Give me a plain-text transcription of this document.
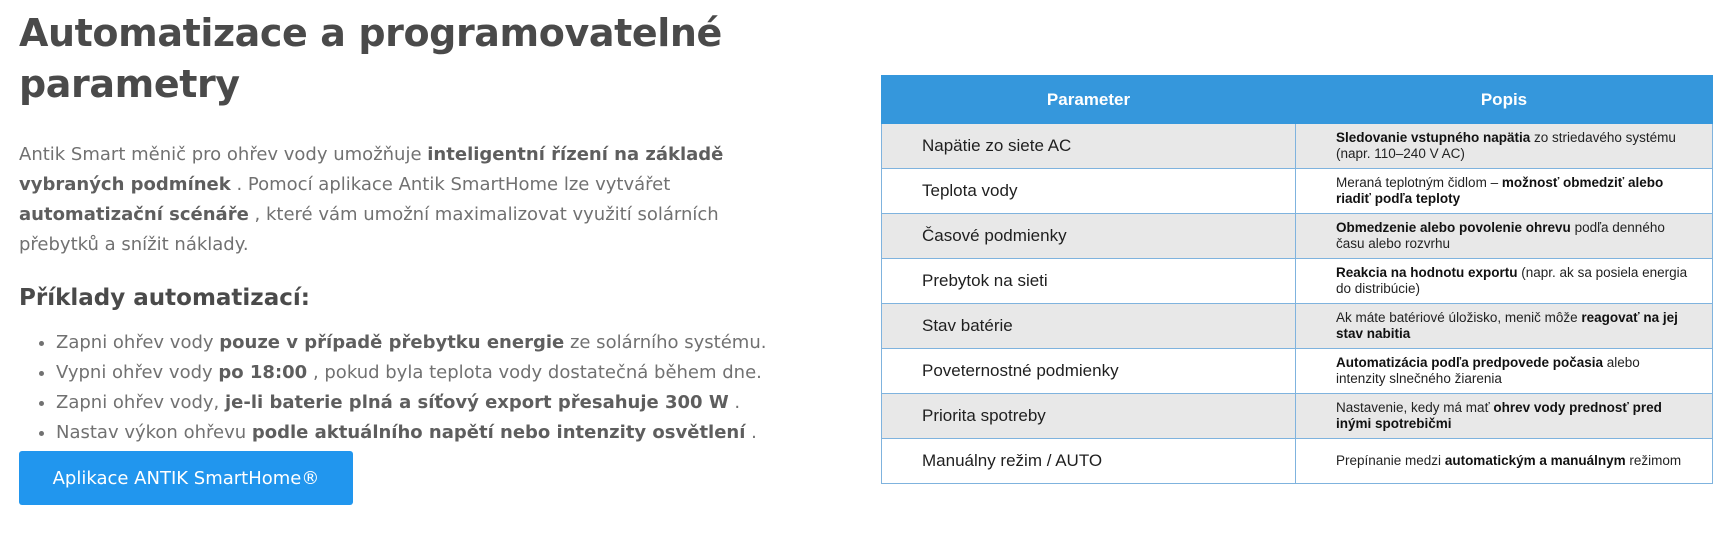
Automatizace a programovatelné parametry

Antik Smart měnič pro ohřev vody umožňuje inteligentní řízení na základě vybraných podmínek . Pomocí aplikace Antik SmartHome lze vytvářet automatizační scénáře , které vám umožní maximalizovat využití solárních přebytků a snížit náklady.

Příklady automatizací:
• Zapni ohřev vody pouze v případě přebytku energie ze solárního systému.
• Vypni ohřev vody po 18:00 , pokud byla teplota vody dostatečná během dne.
• Zapni ohřev vody, je-li baterie plná a síťový export přesahuje 300 W .
• Nastav výkon ohřevu podle aktuálního napětí nebo intenzity osvětlení .
Aplikace ANTIK SmartHome®
Parameter	Popis
Napätie zo siete AC	Sledovanie vstupného napätia zo striedavého systému (napr. 110–240 V AC)
Teplota vody	Meraná teplotným čidlom – možnosť obmedziť alebo riadiť podľa teploty
Časové podmienky	Obmedzenie alebo povolenie ohrevu podľa denného času alebo rozvrhu
Prebytok na sieti	Reakcia na hodnotu exportu (napr. ak sa posiela energia do distribúcie)
Stav batérie	Ak máte batériové úložisko, menič môže reagovať na jej stav nabitia
Poveternostné podmienky	Automatizácia podľa predpovede počasia alebo intenzity slnečného žiarenia
Priorita spotreby	Nastavenie, kedy má mať ohrev vody prednosť pred inými spotrebičmi
Manuálny režim / AUTO	Prepínanie medzi automatickým a manuálnym režimom
